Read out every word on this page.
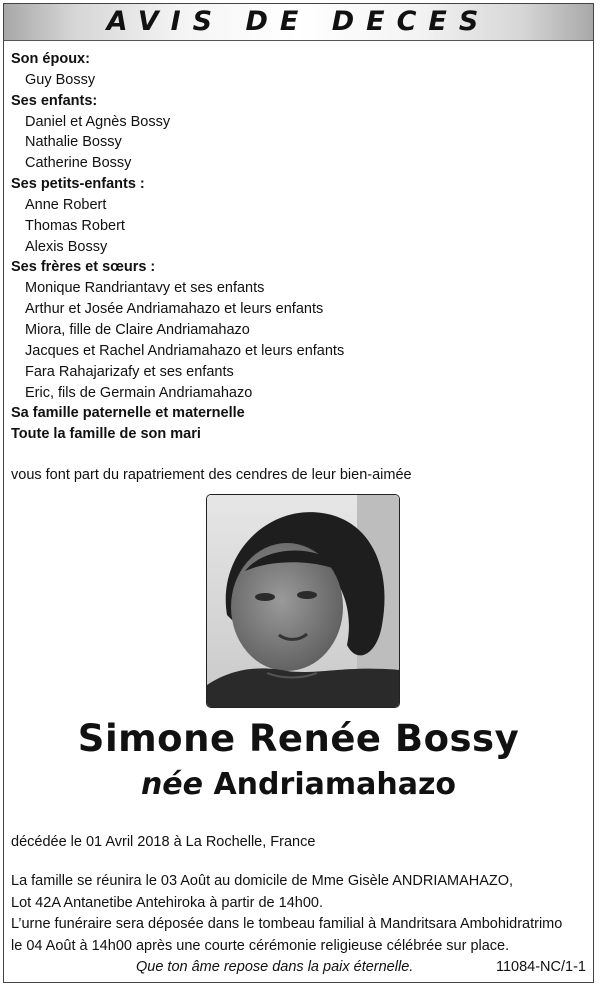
AVIS DE DECES
Son époux:
Guy Bossy
Ses enfants:
Daniel et Agnès Bossy
Nathalie Bossy
Catherine Bossy
Ses petits-enfants :
Anne Robert
Thomas Robert
Alexis Bossy
Ses frères et sœurs :
Monique Randriantavy et ses enfants
Arthur et Josée Andriamahazo et leurs enfants
Miora, fille de Claire Andriamahazo
Jacques et Rachel Andriamahazo et leurs enfants
Fara Rahajarizafy et ses enfants
Eric, fils de Germain Andriamahazo
Sa famille paternelle et maternelle
Toute la famille de son mari
vous font part du rapatriement des cendres de leur bien-aimée
Simone Renée Bossy
née Andriamahazo
décédée le 01 Avril 2018 à La Rochelle, France
La famille se réunira le 03 Août au domicile de Mme Gisèle ANDRIAMAHAZO,
Lot 42A Antanetibe Antehiroka à partir de 14h00.
L’urne funéraire sera déposée dans le tombeau familial à Mandritsara Ambohidratrimo
le 04 Août à 14h00 après une courte cérémonie religieuse célébrée sur place.
Que ton âme repose dans la paix éternelle.	11084-NC/1-1
